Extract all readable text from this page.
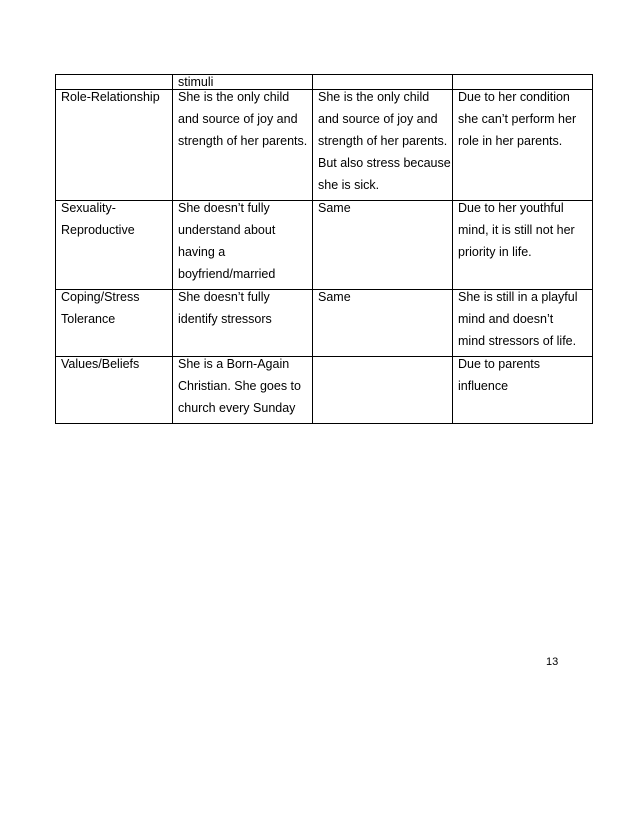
	stimuli		

Role-Relationship	She is the only child
and source of joy and
strength of her parents.	She is the only child
and source of joy and
strength of her parents.
But also stress because
she is sick.	Due to her condition
she can’t perform her
role in her parents.

Sexuality-
Reproductive	She doesn’t fully
understand about
having a
boyfriend/married	Same	Due to her youthful
mind, it is still not her
priority in life.

Coping/Stress
Tolerance	She doesn’t fully
identify stressors	Same	She is still in a playful
mind and doesn’t
mind stressors of life.

Values/Beliefs	She is a Born-Again
Christian. She goes to
church every Sunday		Due to parents
influence
13
